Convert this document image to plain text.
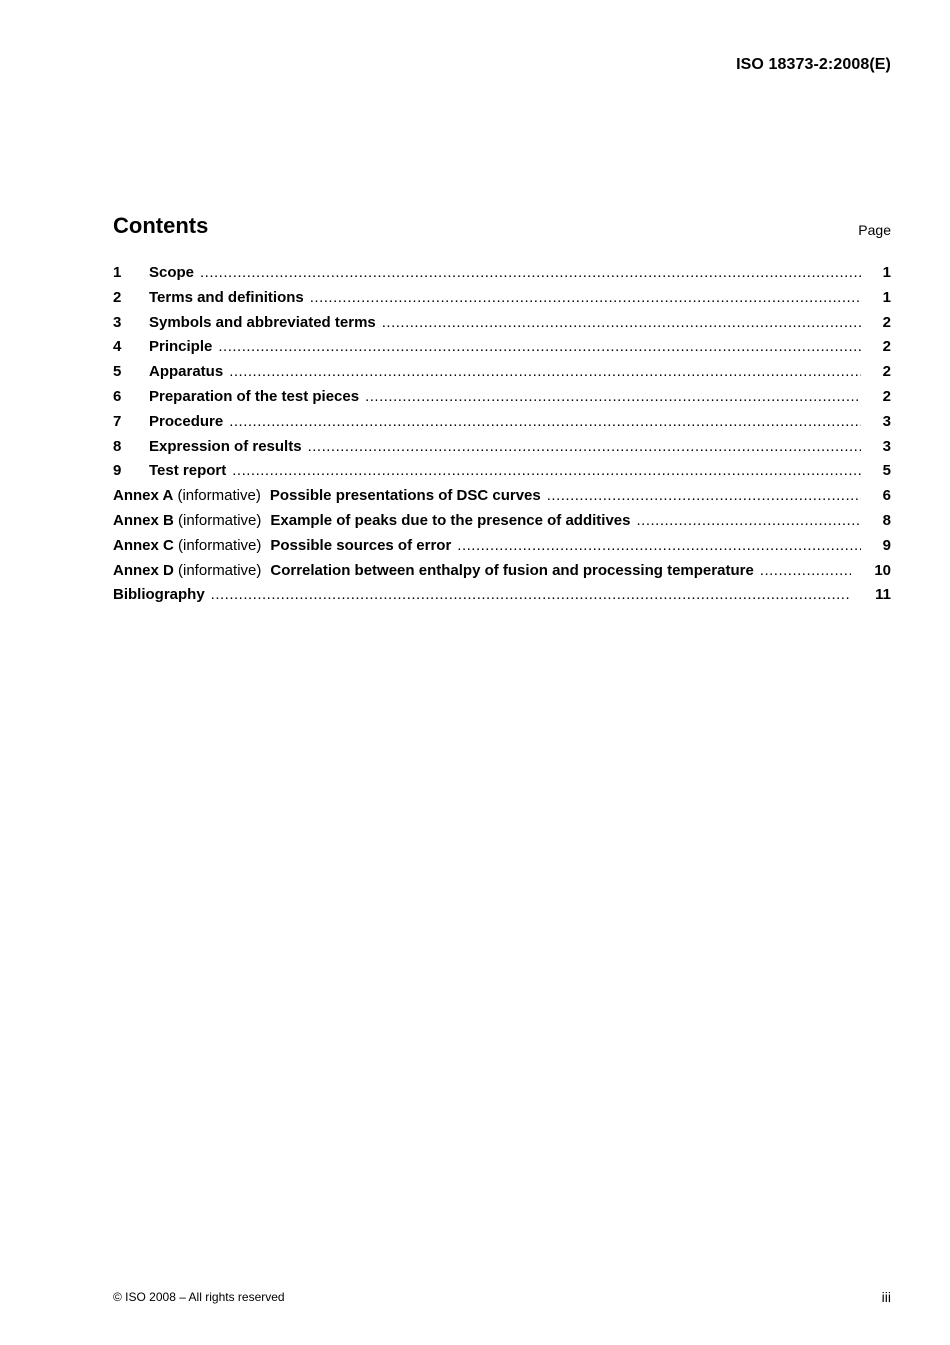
ISO 18373-2:2008(E)
Contents	Page
1	Scope .....	1
2	Terms and definitions .....	1
3	Symbols and abbreviated terms .....	2
4	Principle .....	2
5	Apparatus .....	2
6	Preparation of the test pieces .....	2
7	Procedure .....	3
8	Expression of results .....	3
9	Test report .....	5
Annex A (informative) Possible presentations of DSC curves .....	6
Annex B (informative) Example of peaks due to the presence of additives .....	8
Annex C (informative) Possible sources of error .....	9
Annex D (informative) Correlation between enthalpy of fusion and processing temperature .....	10
Bibliography .....	11
© ISO 2008 – All rights reserved	iii
